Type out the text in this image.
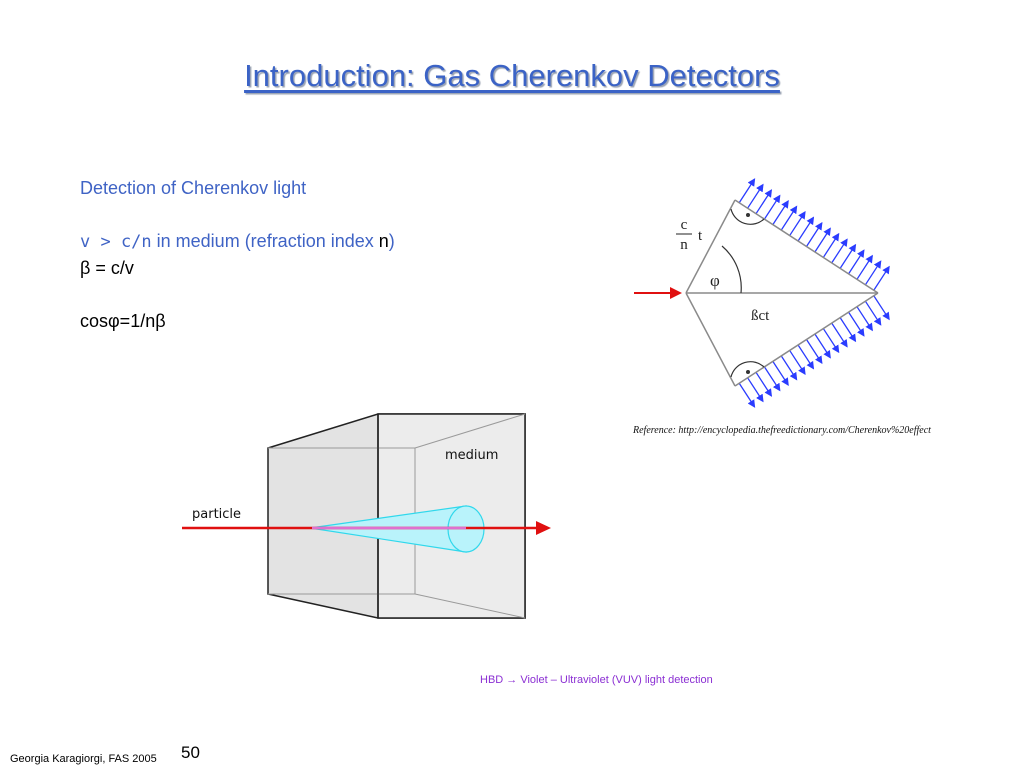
Introduction: Gas Cherenkov Detectors
Detection of Cherenkov light
v > c/n in medium (refraction index n)
β = c/v
cosφ=1/nβ
c
n
t
φ
ßct
Reference: http://encyclopedia.thefreedictionary.com/Cherenkov%20effect
medium
particle
HBD → Violet – Ultraviolet (VUV) light detection
Georgia Karagiorgi, FAS 2005 50
